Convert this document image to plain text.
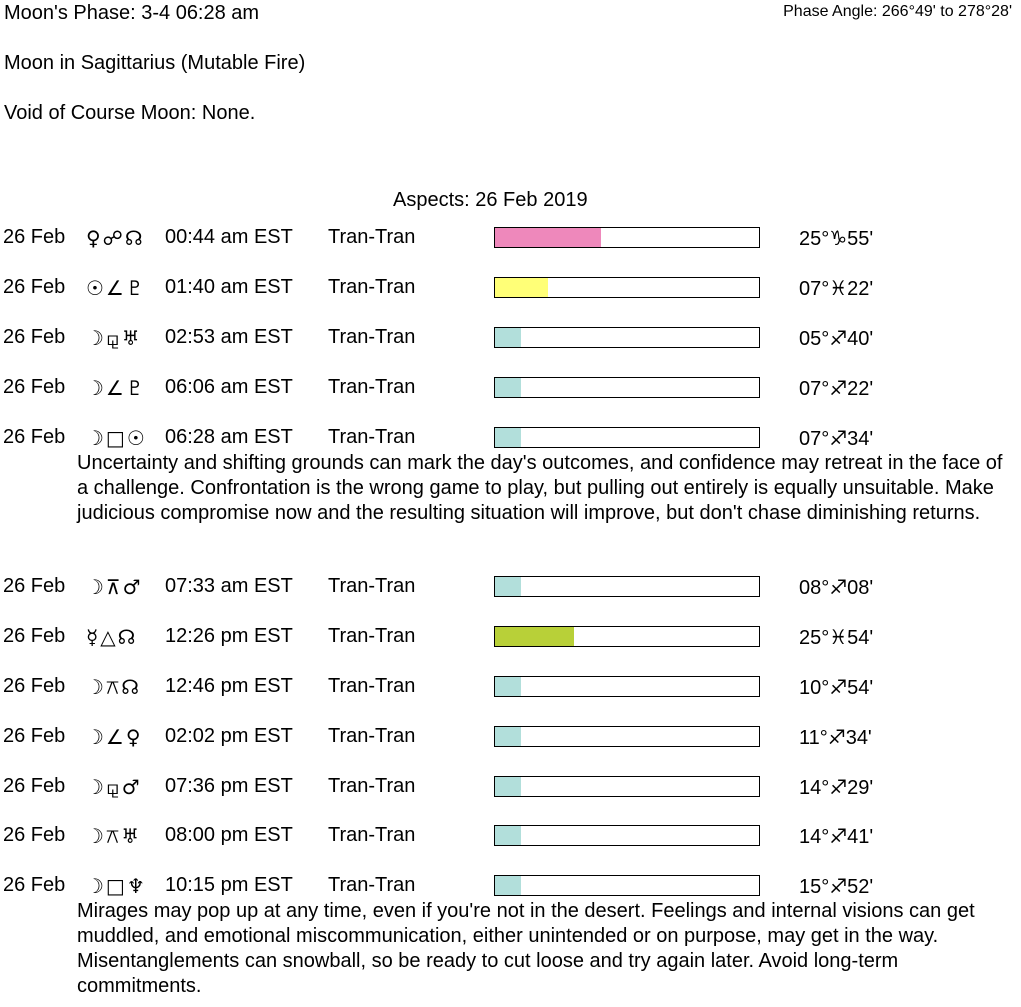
Moon's Phase: 3-4 06:28 am	Phase Angle: 266°49' to 278°28'
Moon in Sagittarius (Mutable Fire)
Void of Course Moon: None.
Aspects: 26 Feb 2019
26 Feb ♀☍☊ 00:44 am EST Tran-Tran	25°♑55'
26 Feb ☉∠♇ 01:40 am EST Tran-Tran	07°♓22'
26 Feb ☽⚼♅ 02:53 am EST Tran-Tran	05°♐40'
26 Feb ☽∠♇ 06:06 am EST Tran-Tran	07°♐22'
26 Feb ☽□☉ 06:28 am EST Tran-Tran	07°♐34'
Uncertainty and shifting grounds can mark the day's outcomes, and confidence may retreat in the face of a challenge. Confrontation is the wrong game to play, but pulling out entirely is equally unsuitable. Make judicious compromise now and the resulting situation will improve, but don't chase diminishing returns.
26 Feb ☽⊼♂ 07:33 am EST Tran-Tran	08°♐08'
26 Feb ☿△☊ 12:26 pm EST Tran-Tran	25°♓54'
26 Feb ☽⚻☊ 12:46 pm EST Tran-Tran	10°♐54'
26 Feb ☽∠♀ 02:02 pm EST Tran-Tran	11°♐34'
26 Feb ☽⚼♂ 07:36 pm EST Tran-Tran	14°♐29'
26 Feb ☽⚻♅ 08:00 pm EST Tran-Tran	14°♐41'
26 Feb ☽□♆ 10:15 pm EST Tran-Tran	15°♐52'
Mirages may pop up at any time, even if you're not in the desert. Feelings and internal visions can get muddled, and emotional miscommunication, either unintended or on purpose, may get in the way. Misentanglements can snowball, so be ready to cut loose and try again later. Avoid long-term commitments.
